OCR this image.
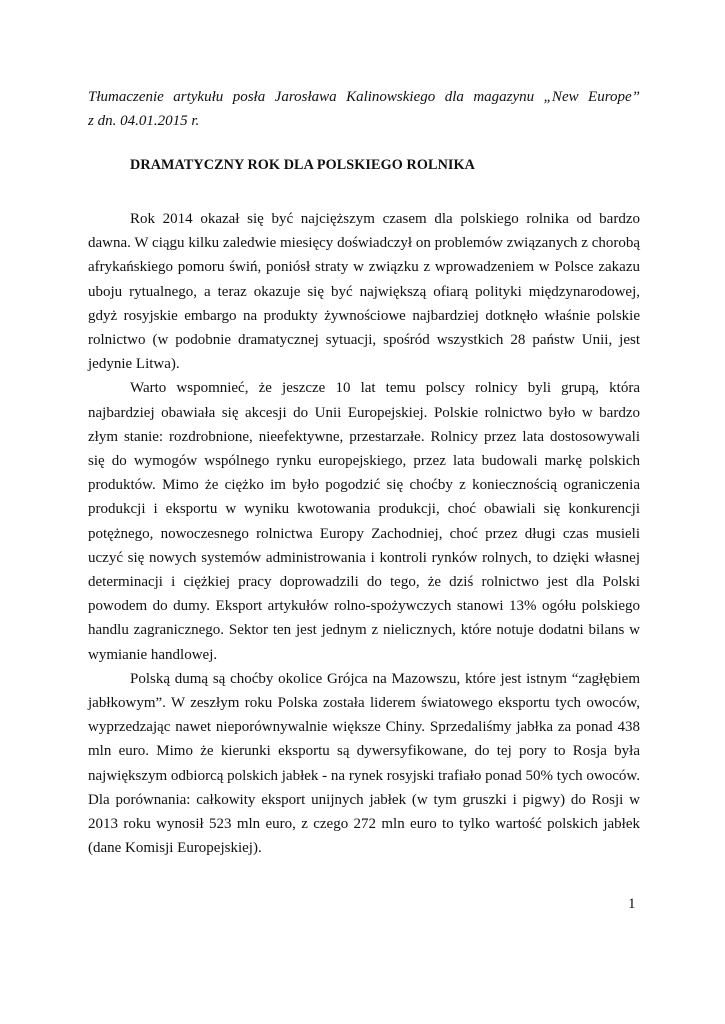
Tłumaczenie artykułu posła Jarosława Kalinowskiego dla magazynu „New Europe”
z dn. 04.01.2015 r.

DRAMATYCZNY ROK DLA POLSKIEGO ROLNIKA

Rok 2014 okazał się być najcięższym czasem dla polskiego rolnika od bardzo dawna. W ciągu kilku zaledwie miesięcy doświadczył on problemów związanych z chorobą afrykańskiego pomoru świń, poniósł straty w związku z wprowadzeniem w Polsce zakazu uboju rytualnego, a teraz okazuje się być największą ofiarą polityki międzynarodowej, gdyż rosyjskie embargo na produkty żywnościowe najbardziej dotknęło właśnie polskie rolnictwo (w podobnie dramatycznej sytuacji, spośród wszystkich 28 państw Unii, jest jedynie Litwa).

Warto wspomnieć, że jeszcze 10 lat temu polscy rolnicy byli grupą, która najbardziej obawiała się akcesji do Unii Europejskiej. Polskie rolnictwo było w bardzo złym stanie: rozdrobnione, nieefektywne, przestarzałe. Rolnicy przez lata dostosowywali się do wymogów wspólnego rynku europejskiego, przez lata budowali markę polskich produktów. Mimo że ciężko im było pogodzić się choćby z koniecznością ograniczenia produkcji i eksportu w wyniku kwotowania produkcji, choć obawiali się konkurencji potężnego, nowoczesnego rolnictwa Europy Zachodniej, choć przez długi czas musieli uczyć się nowych systemów administrowania i kontroli rynków rolnych, to dzięki własnej determinacji i ciężkiej pracy doprowadzili do tego, że dziś rolnictwo jest dla Polski powodem do dumy. Eksport artykułów rolno-spożywczych stanowi 13% ogółu polskiego handlu zagranicznego. Sektor ten jest jednym z nielicznych, które notuje dodatni bilans w wymianie handlowej.

Polską dumą są choćby okolice Grójca na Mazowszu, które jest istnym “zagłębiem jabłkowym”. W zeszłym roku Polska została liderem światowego eksportu tych owoców, wyprzedzając nawet nieporównywalnie większe Chiny. Sprzedaliśmy jabłka za ponad 438 mln euro. Mimo że kierunki eksportu są dywersyfikowane, do tej pory to Rosja była największym odbiorcą polskich jabłek - na rynek rosyjski trafiało ponad 50% tych owoców. Dla porównania: całkowity eksport unijnych jabłek (w tym gruszki i pigwy) do Rosji w 2013 roku wynosił 523 mln euro, z czego 272 mln euro to tylko wartość polskich jabłek (dane Komisji Europejskiej).

1
